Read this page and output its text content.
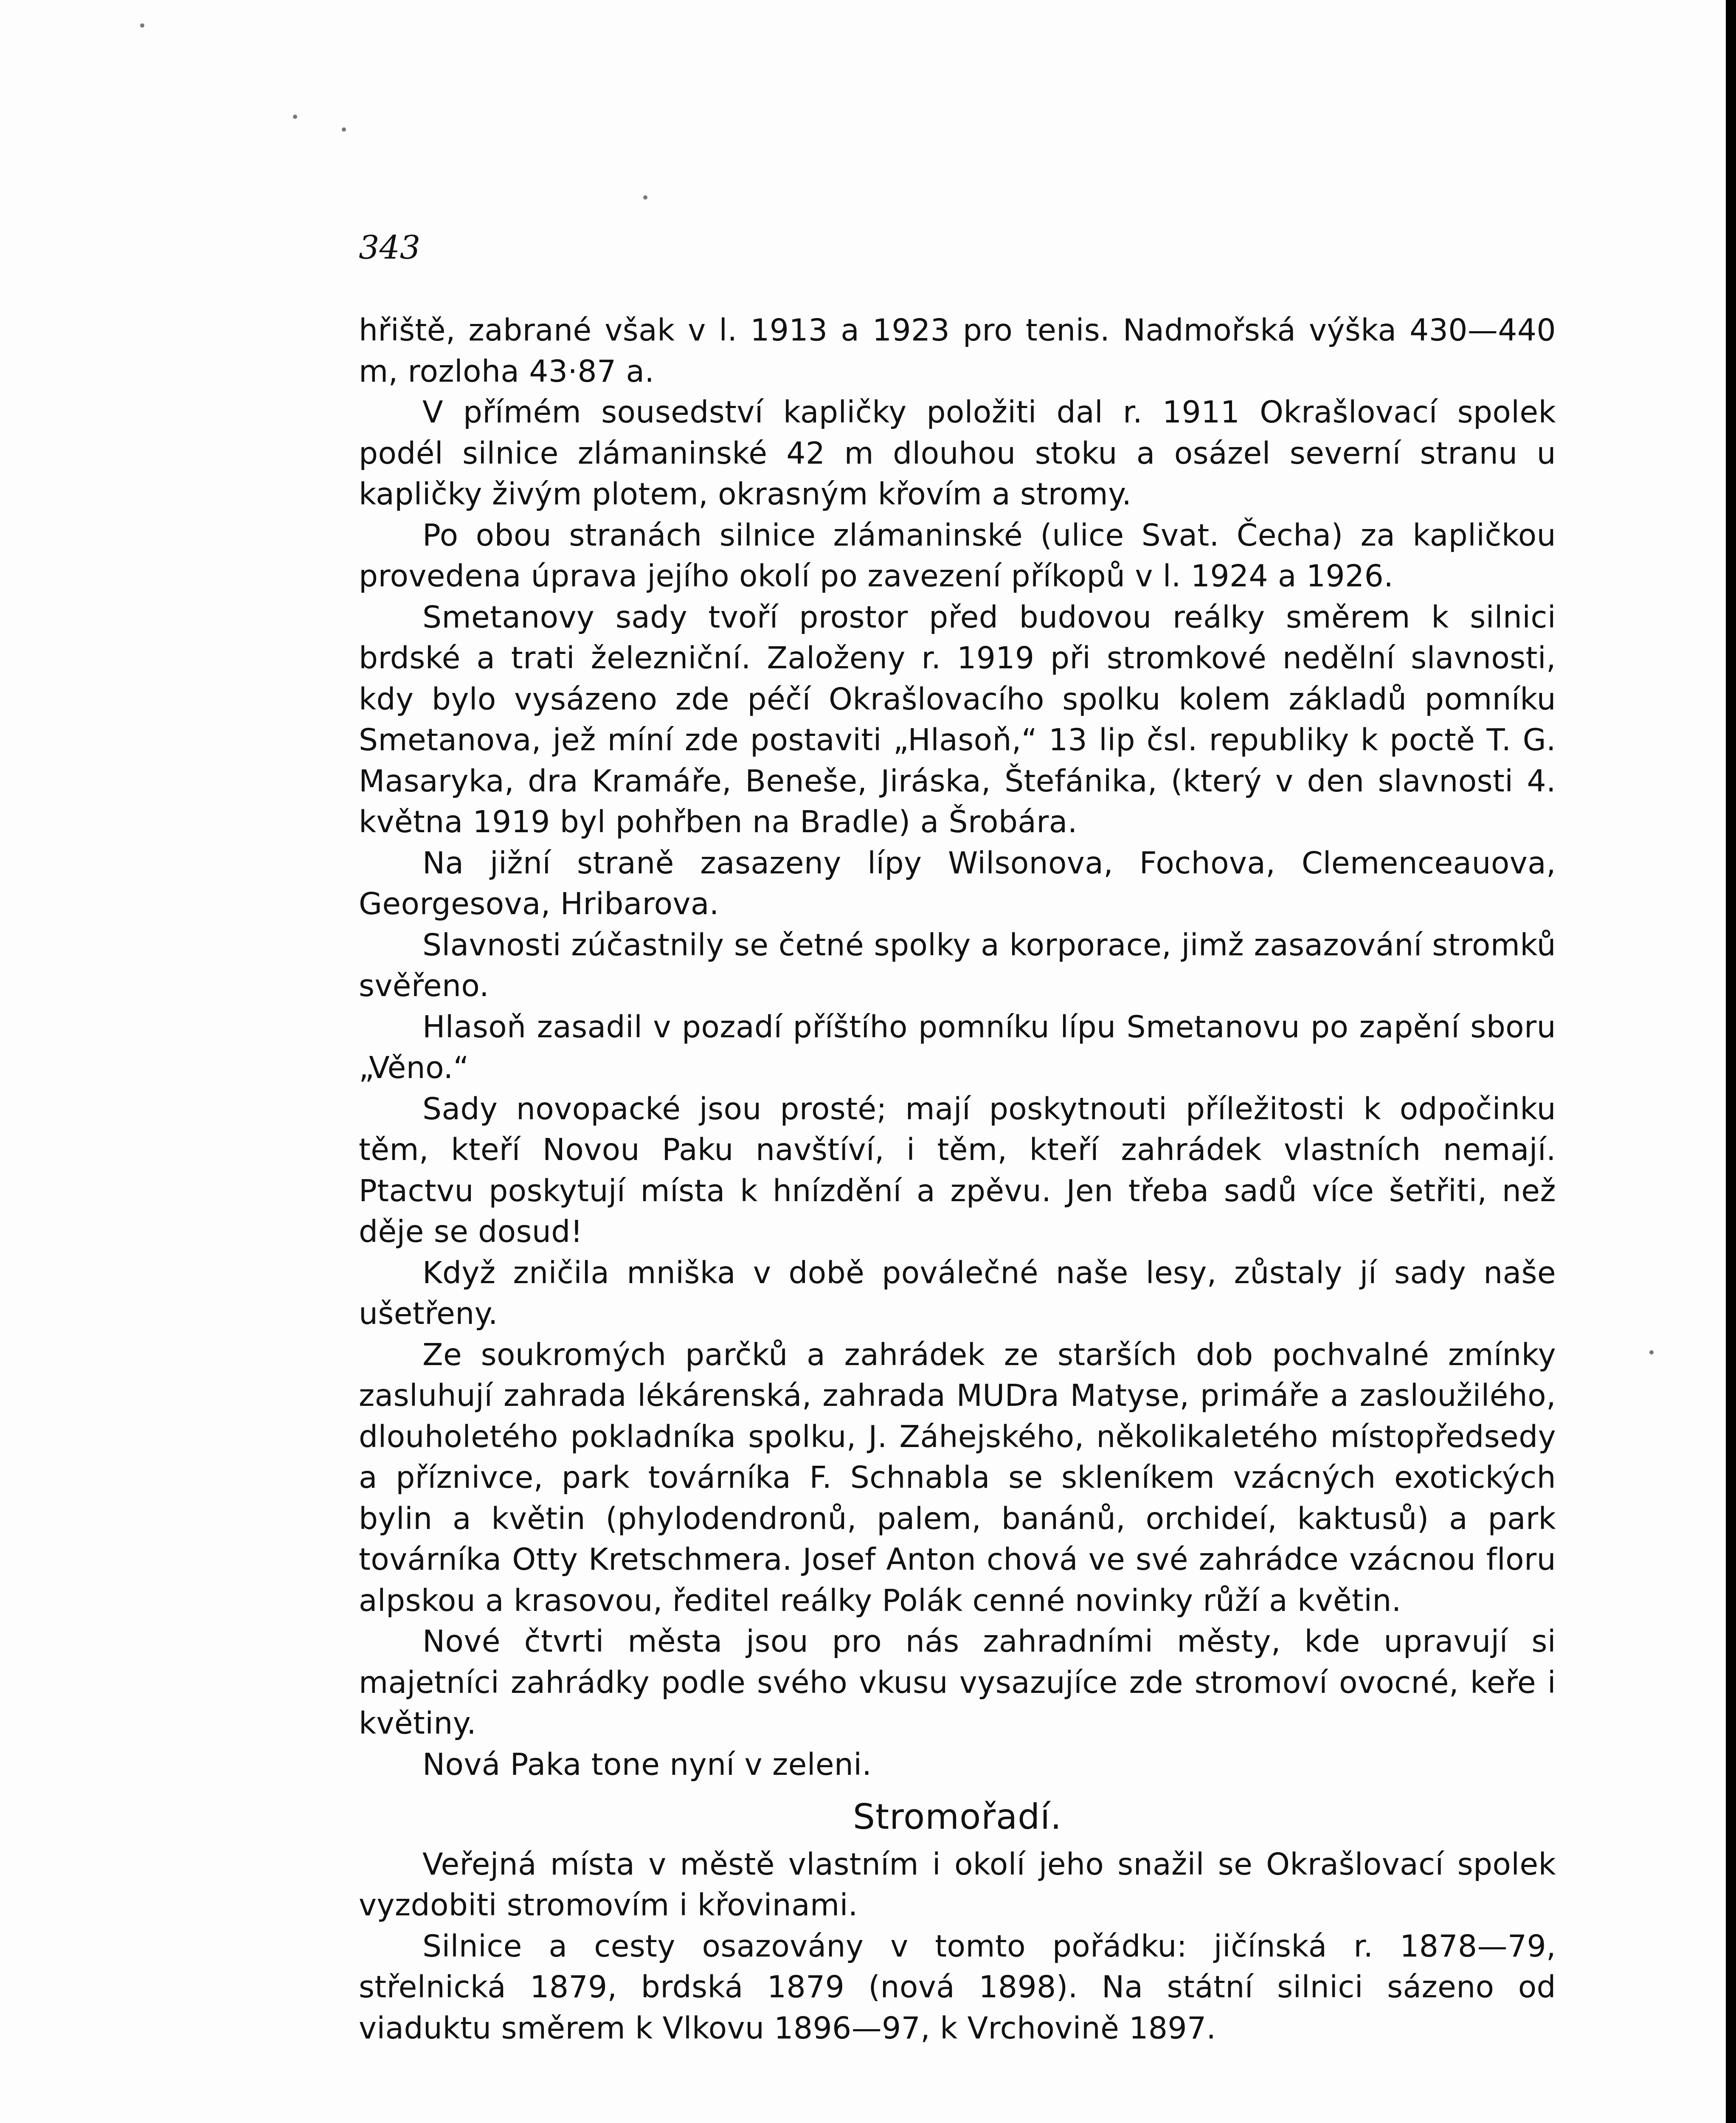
343

hřiště, zabrané však v l. 1913 a 1923 pro tenis. Nadmořská výška 430—440 m, rozloha 43·87 a.

V přímém sousedství kapličky položiti dal r. 1911 Okrašlovací spolek podél silnice zlámaninské 42 m dlouhou stoku a osázel severní stranu u kapličky živým plotem, okrasným křovím a stromy.

Po obou stranách silnice zlámaninské (ulice Svat. Čecha) za kapličkou provedena úprava jejího okolí po zavezení příkopů v l. 1924 a 1926.

Smetanovy sady tvoří prostor před budovou reálky směrem k silnici brdské a trati železniční. Založeny r. 1919 při stromkové nedělní slavnosti, kdy bylo vysázeno zde péčí Okrašlovacího spolku kolem základů pomníku Smetanova, jež míní zde postaviti „Hlasoň,“ 13 lip čsl. republiky k poctě T. G. Masaryka, dra Kramáře, Beneše, Jiráska, Štefánika, (který v den slavnosti 4. května 1919 byl pohřben na Bradle) a Šrobára.

Na jižní straně zasazeny lípy Wilsonova, Fochova, Clemenceauova, Georgesova, Hribarova.

Slavnosti zúčastnily se četné spolky a korporace, jimž zasazování stromků svěřeno.

Hlasoň zasadil v pozadí příštího pomníku lípu Smetanovu po zapění sboru „Věno.“

Sady novopacké jsou prosté; mají poskytnouti příležitosti k odpočinku těm, kteří Novou Paku navštíví, i těm, kteří zahrádek vlastních nemají. Ptactvu poskytují místa k hnízdění a zpěvu. Jen třeba sadů více šetřiti, než děje se dosud!

Když zničila mniška v době poválečné naše lesy, zůstaly jí sady naše ušetřeny.

Ze soukromých parčků a zahrádek ze starších dob pochvalné zmínky zasluhují zahrada lékárenská, zahrada MUDra Matyse, primáře a zasloužilého, dlouholetého pokladníka spolku, J. Záhejského, několikaletého místopředsedy a příznivce, park továrníka F. Schnabla se skleníkem vzácných exotických bylin a květin (phylodendronů, palem, banánů, orchideí, kaktusů) a park továrníka Otty Kretschmera. Josef Anton chová ve své zahrádce vzácnou floru alpskou a krasovou, ředitel reálky Polák cenné novinky růží a květin.

Nové čtvrti města jsou pro nás zahradními městy, kde upravují si majetníci zahrádky podle svého vkusu vysazujíce zde stromoví ovocné, keře i květiny.

Nová Paka tone nyní v zeleni.

Stromořadí.

Veřejná místa v městě vlastním i okolí jeho snažil se Okrašlovací spolek vyzdobiti stromovím i křovinami.

Silnice a cesty osazovány v tomto pořádku: jičínská r. 1878—79, střelnická 1879, brdská 1879 (nová 1898). Na státní silnici sázeno od viaduktu směrem k Vlkovu 1896—97, k Vrchovině 1897.
